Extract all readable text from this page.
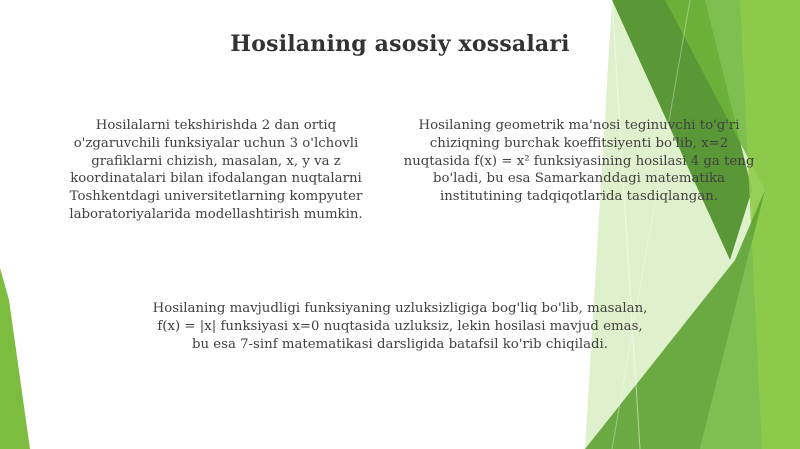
Hosilaning asosiy xossalari
Hosilalarni tekshirishda 2 dan ortiq o'zgaruvchili funksiyalar uchun 3 o'lchovli grafiklarni chizish, masalan, x, y va z koordinatalari bilan ifodalangan nuqtalarni Toshkentdagi universitetlarning kompyuter laboratoriyalarida modellashtirish mumkin.
Hosilaning geometrik ma'nosi teginuvchi to'g'ri chiziqning burchak koeffitsiyenti bo'lib, x=2 nuqtasida f(x) = x² funksiyasining hosilasi 4 ga teng bo'ladi, bu esa Samarkanddagi matematika institutining tadqiqotlarida tasdiqlangan.
Hosilaning mavjudligi funksiyaning uzluksizligiga bog'liq bo'lib, masalan, f(x) = |x| funksiyasi x=0 nuqtasida uzluksiz, lekin hosilasi mavjud emas, bu esa 7-sinf matematikasi darsligida batafsil ko'rib chiqiladi.
